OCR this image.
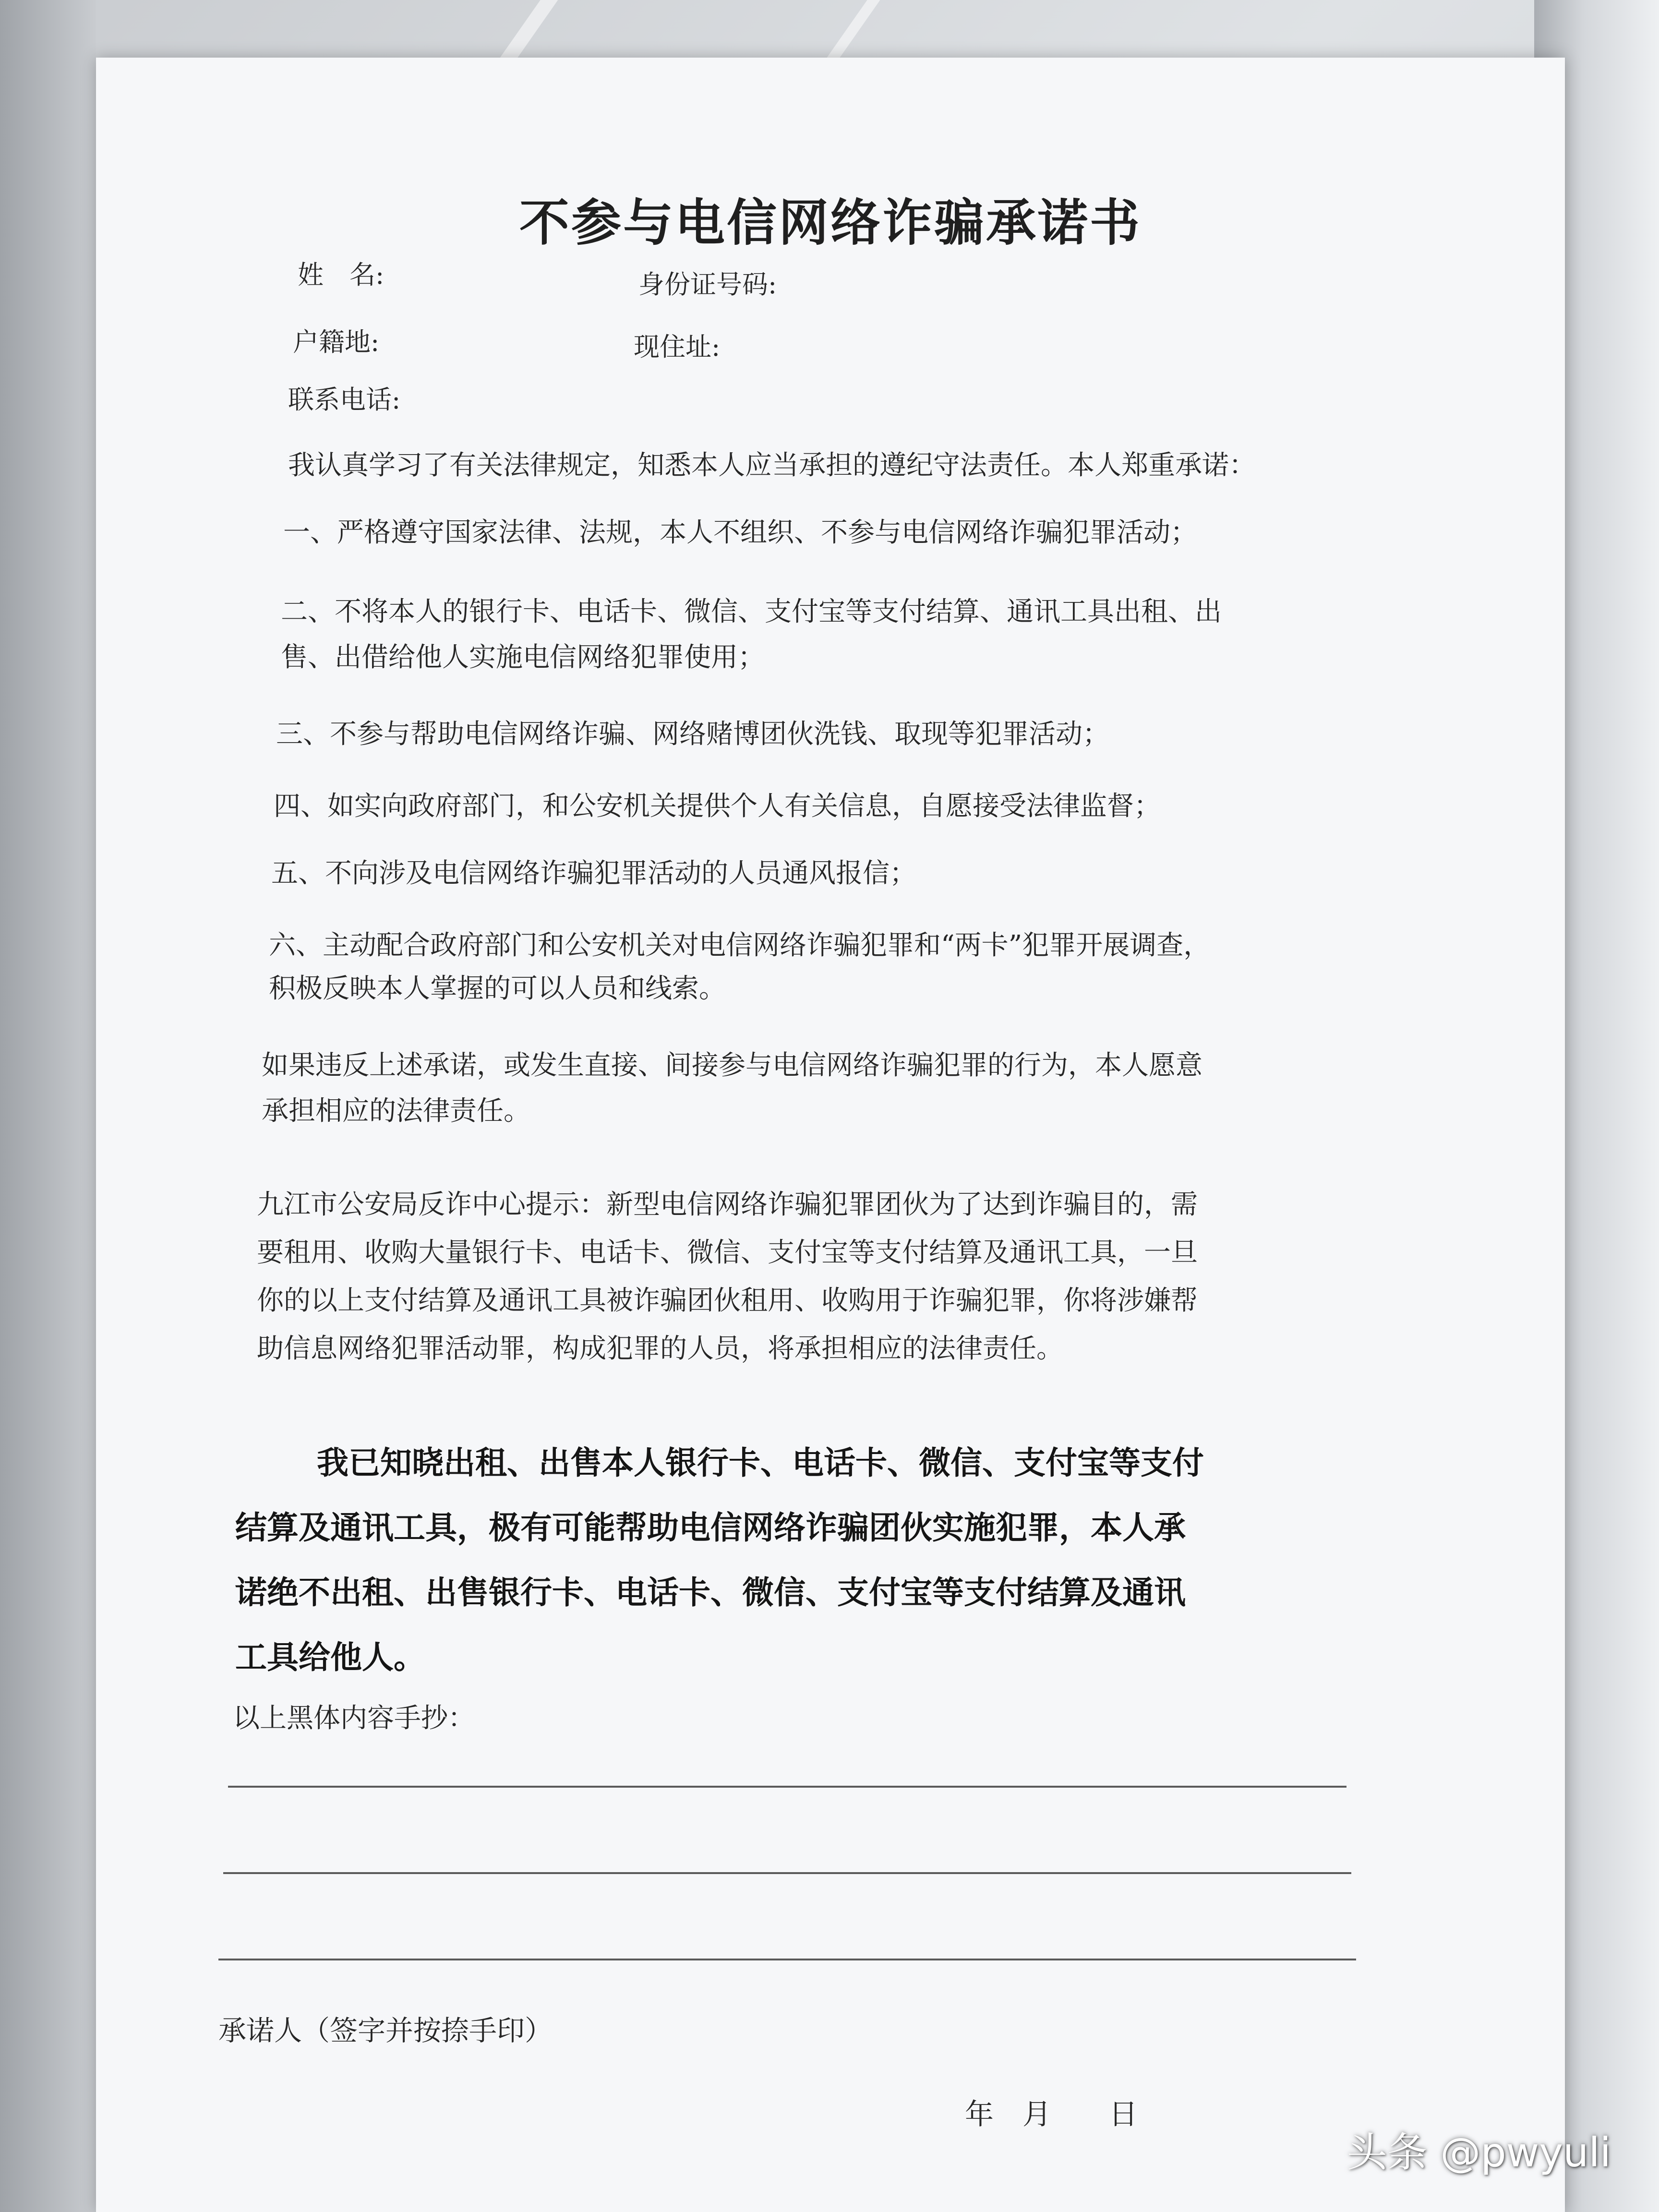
不参与电信网络诈骗承诺书
姓　名:	身份证号码:
户籍地:	现住址:
联系电话:
我认真学习了有关法律规定，知悉本人应当承担的遵纪守法责任。本人郑重承诺：
一、严格遵守国家法律、法规，本人不组织、不参与电信网络诈骗犯罪活动；
二、不将本人的银行卡、电话卡、微信、支付宝等支付结算、通讯工具出租、出
售、出借给他人实施电信网络犯罪使用；
三、不参与帮助电信网络诈骗、网络赌博团伙洗钱、取现等犯罪活动；
四、如实向政府部门，和公安机关提供个人有关信息，自愿接受法律监督；
五、不向涉及电信网络诈骗犯罪活动的人员通风报信；
六、主动配合政府部门和公安机关对电信网络诈骗犯罪和“两卡”犯罪开展调查，
积极反映本人掌握的可以人员和线索。
如果违反上述承诺，或发生直接、间接参与电信网络诈骗犯罪的行为，本人愿意
承担相应的法律责任。
九江市公安局反诈中心提示：新型电信网络诈骗犯罪团伙为了达到诈骗目的，需
要租用、收购大量银行卡、电话卡、微信、支付宝等支付结算及通讯工具，一旦
你的以上支付结算及通讯工具被诈骗团伙租用、收购用于诈骗犯罪，你将涉嫌帮
助信息网络犯罪活动罪，构成犯罪的人员，将承担相应的法律责任。
我已知晓出租、出售本人银行卡、电话卡、微信、支付宝等支付
结算及通讯工具，极有可能帮助电信网络诈骗团伙实施犯罪，本人承
诺绝不出租、出售银行卡、电话卡、微信、支付宝等支付结算及通讯
工具给他人。
以上黑体内容手抄：
承诺人（签字并按捺手印）
年　月　　日
头条 @pwyuli
